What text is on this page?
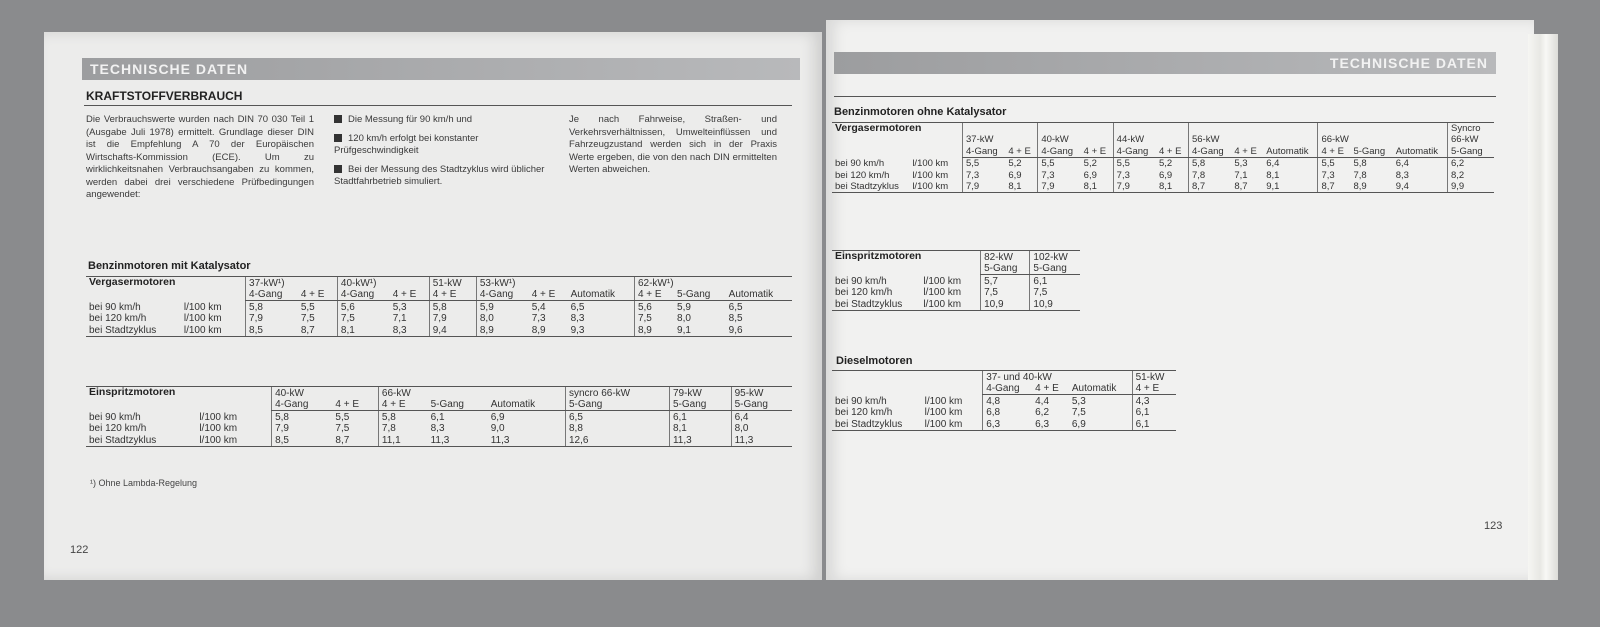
TECHNISCHE DATEN
KRAFTSTOFFVERBRAUCH

Die Verbrauchswerte wurden nach DIN 70 030 Teil 1 (Ausgabe Juli 1978) ermittelt. Grundlage dieser DIN ist die Empfehlung A 70 der Europäischen Wirtschafts-Kommission (ECE). Um zu wirklichkeitsnahen Verbrauchsangaben zu kommen, werden dabei drei verschiedene Prüfbedingungen angewendet:

Die Messung für 90 km/h und

120 km/h erfolgt bei konstanter Prüfgeschwindigkeit

Bei der Messung des Stadtzyklus wird üblicher Stadtfahrbetrieb simuliert.

Je nach Fahrweise, Straßen- und Verkehrsverhältnissen, Umwelteinflüssen und Fahrzeugzustand werden sich in der Praxis Werte ergeben, die von den nach DIN ermittelten Werten abweichen.

Benzinmotoren mit Katalysator
Vergasermotoren		37-kW¹)		40-kW¹)		51-kW	53-kW¹)			62-kW¹)		
		4-Gang	4 + E	4-Gang	4 + E	4 + E	4-Gang	4 + E	Automatik	4 + E	5-Gang	Automatik
bei 90 km/h	l/100 km	5,8	5,5	5,6	5,3	5,8	5,9	5,4	6,5	5,6	5,9	6,5
bei 120 km/h	l/100 km	7,9	7,5	7,5	7,1	7,9	8,0	7,3	8,3	7,5	8,0	8,5
bei Stadtzyklus	l/100 km	8,5	8,7	8,1	8,3	9,4	8,9	8,9	9,3	8,9	9,1	9,6
Einspritzmotoren		40-kW		66-kW			syncro 66-kW	79-kW	95-kW
		4-Gang	4 + E	4 + E	5-Gang	Automatik	5-Gang	5-Gang	5-Gang
bei 90 km/h	l/100 km	5,8	5,5	5,8	6,1	6,9	6,5	6,1	6,4
bei 120 km/h	l/100 km	7,9	7,5	7,8	8,3	9,0	8,8	8,1	8,0
bei Stadtzyklus	l/100 km	8,5	8,7	11,1	11,3	11,3	12,6	11,3	11,3
¹) Ohne Lambda-Regelung
122
TECHNISCHE DATEN
Benzinmotoren ohne Katalysator
Vergasermotoren		37-kW		40-kW		44-kW		56-kW			66-kW			Syncro 66-kW
		4-Gang	4 + E	4-Gang	4 + E	4-Gang	4 + E	4-Gang	4 + E	Automatik	4 + E	5-Gang	Automatik	5-Gang
bei 90 km/h	l/100 km	5,5	5,2	5,5	5,2	5,5	5,2	5,8	5,3	6,4	5,5	5,8	6,4	6,2
bei 120 km/h	l/100 km	7,3	6,9	7,3	6,9	7,3	6,9	7,8	7,1	8,1	7,3	7,8	8,3	8,2
bei Stadtzyklus	l/100 km	7,9	8,1	7,9	8,1	7,9	8,1	8,7	8,7	9,1	8,7	8,9	9,4	9,9
Einspritzmotoren		82-kW	102-kW
		5-Gang	5-Gang
bei 90 km/h	l/100 km	5,7	6,1
bei 120 km/h	l/100 km	7,5	7,5
bei Stadtzyklus	l/100 km	10,9	10,9
Dieselmotoren
		37- und 40-kW			51-kW
		4-Gang	4 + E	Automatik	4 + E
bei 90 km/h	l/100 km	4,8	4,4	5,3	4,3
bei 120 km/h	l/100 km	6,8	6,2	7,5	6,1
bei Stadtzyklus	l/100 km	6,3	6,3	6,9	6,1
123
